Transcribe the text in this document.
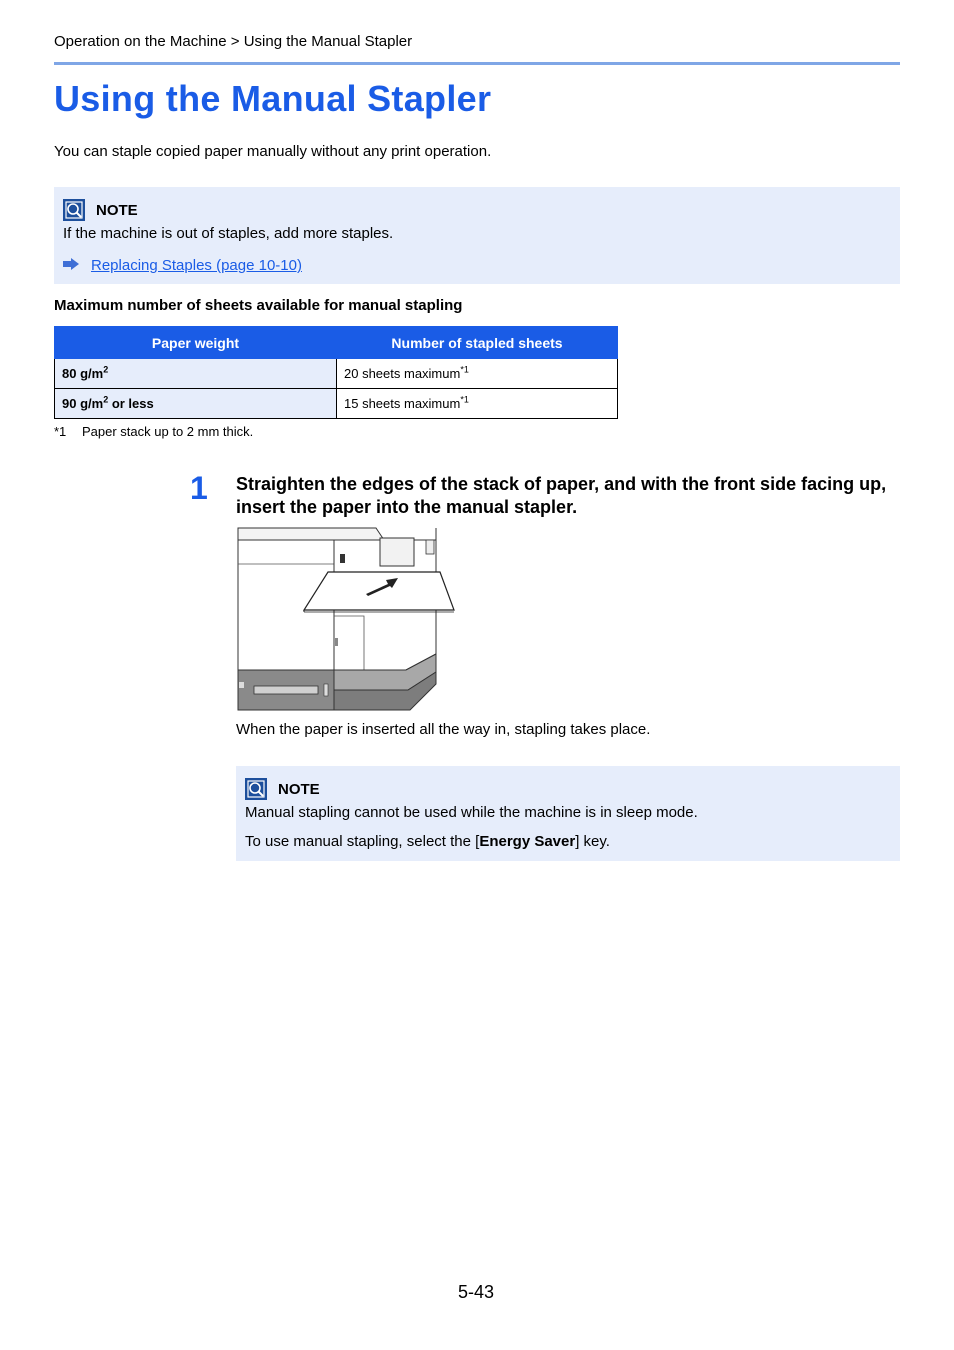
Operation on the Machine > Using the Manual Stapler
Using the Manual Stapler
You can staple copied paper manually without any print operation.
NOTE
If the machine is out of staples, add more staples.
Replacing Staples (page 10-10)
Maximum number of sheets available for manual stapling
Paper weight	Number of stapled sheets
80 $g/m^2$	20 sheets maximum$^{*1}$
90 $g/m^2$ or less	15 sheets maximum$^{*1}$
*1	Paper stack up to 2 mm thick.
1 Straighten the edges of the stack of paper, and with the front side facing up, insert the paper into the manual stapler.
When the paper is inserted all the way in, stapling takes place.
NOTE
Manual stapling cannot be used while the machine is in sleep mode.
To use manual stapling, select the [Energy Saver] key.
5-43
